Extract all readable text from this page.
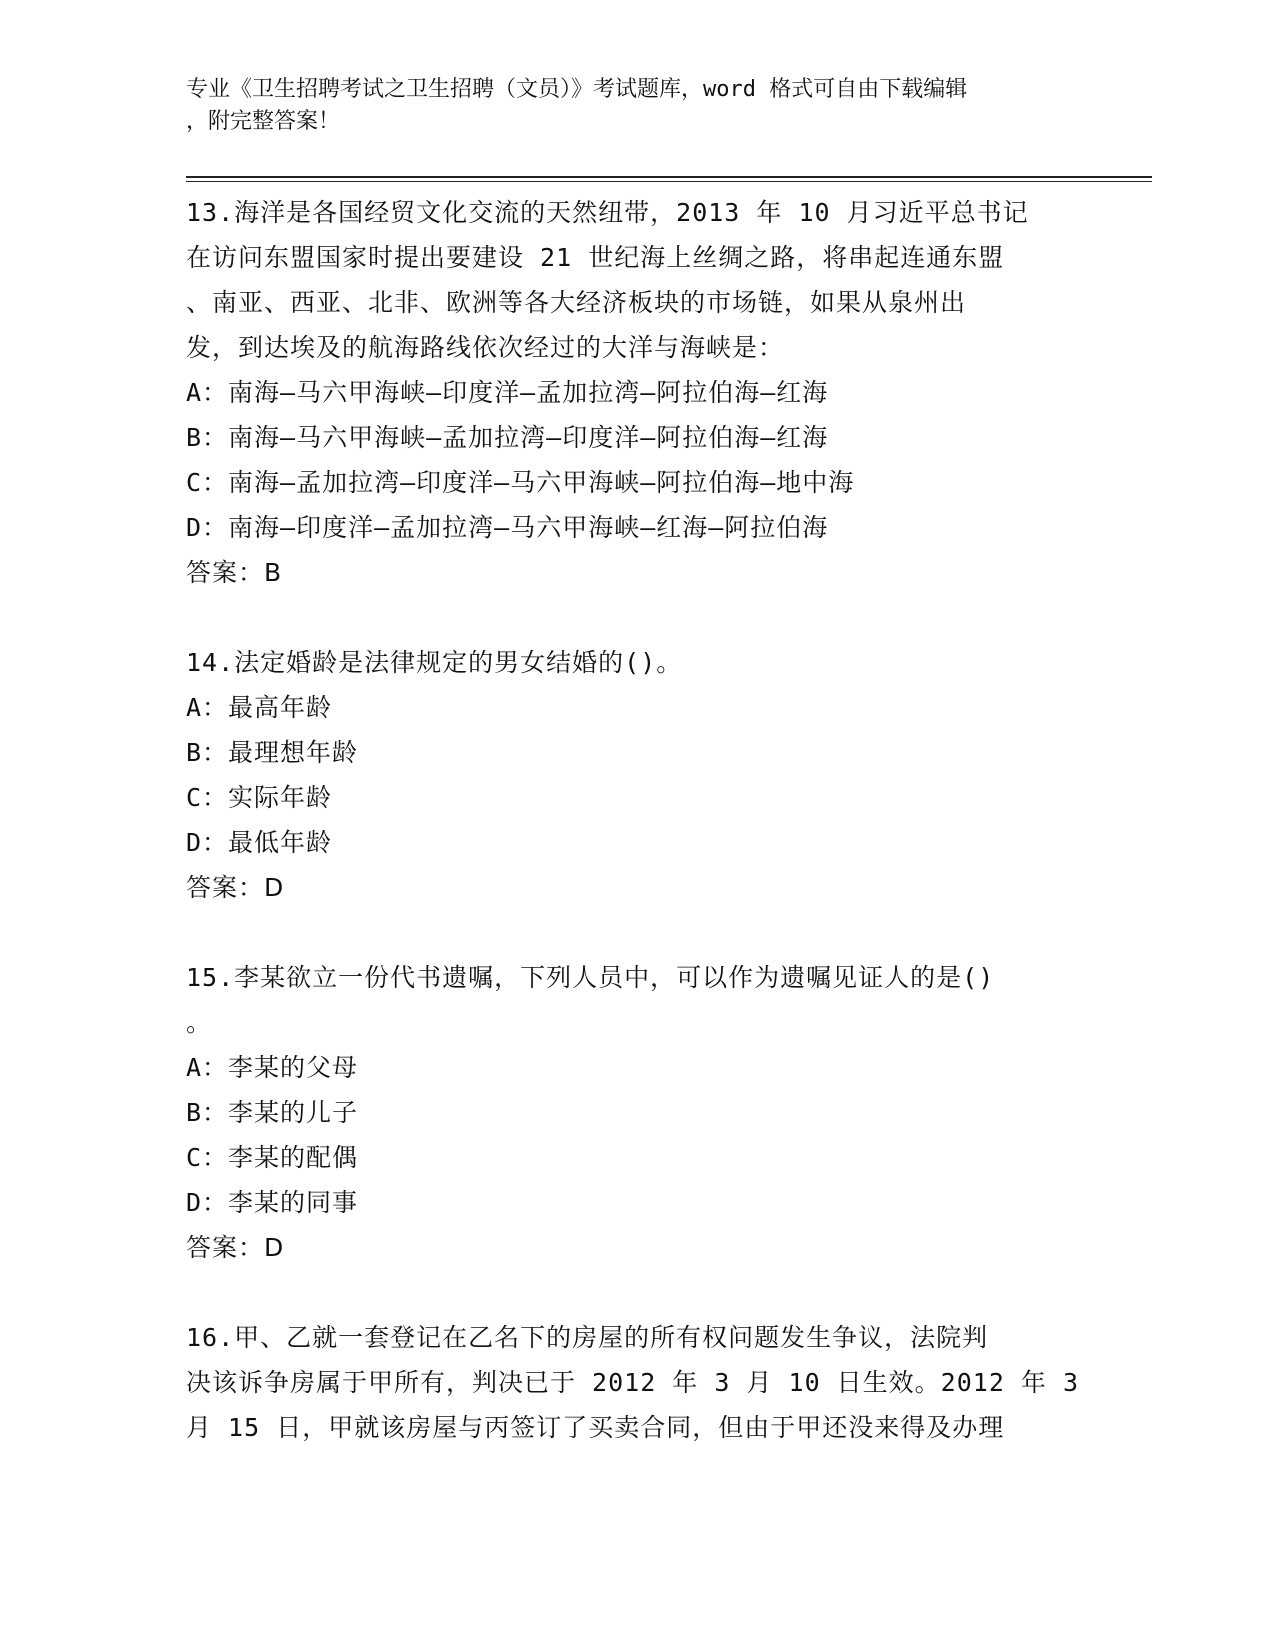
专业《卫生招聘考试之卫生招聘（文员）》考试题库，word 格式可自由下载编辑
，附完整答案！
13.海洋是各国经贸文化交流的天然纽带，2013 年 10 月习近平总书记
在访问东盟国家时提出要建设 21 世纪海上丝绸之路，将串起连通东盟
、南亚、西亚、北非、欧洲等各大经济板块的市场链，如果从泉州出
发，到达埃及的航海路线依次经过的大洋与海峡是：
A：南海—马六甲海峡—印度洋—孟加拉湾—阿拉伯海—红海
B：南海—马六甲海峡—孟加拉湾—印度洋—阿拉伯海—红海
C：南海—孟加拉湾—印度洋—马六甲海峡—阿拉伯海—地中海
D：南海—印度洋—孟加拉湾—马六甲海峡—红海—阿拉伯海
答案：B
14.法定婚龄是法律规定的男女结婚的()。
A：最高年龄
B：最理想年龄
C：实际年龄
D：最低年龄
答案：D
15.李某欲立一份代书遗嘱，下列人员中，可以作为遗嘱见证人的是()
。
A：李某的父母
B：李某的儿子
C：李某的配偶
D：李某的同事
答案：D
16.甲、乙就一套登记在乙名下的房屋的所有权问题发生争议，法院判
决该诉争房属于甲所有，判决已于 2012 年 3 月 10 日生效。2012 年 3
月 15 日，甲就该房屋与丙签订了买卖合同，但由于甲还没来得及办理
